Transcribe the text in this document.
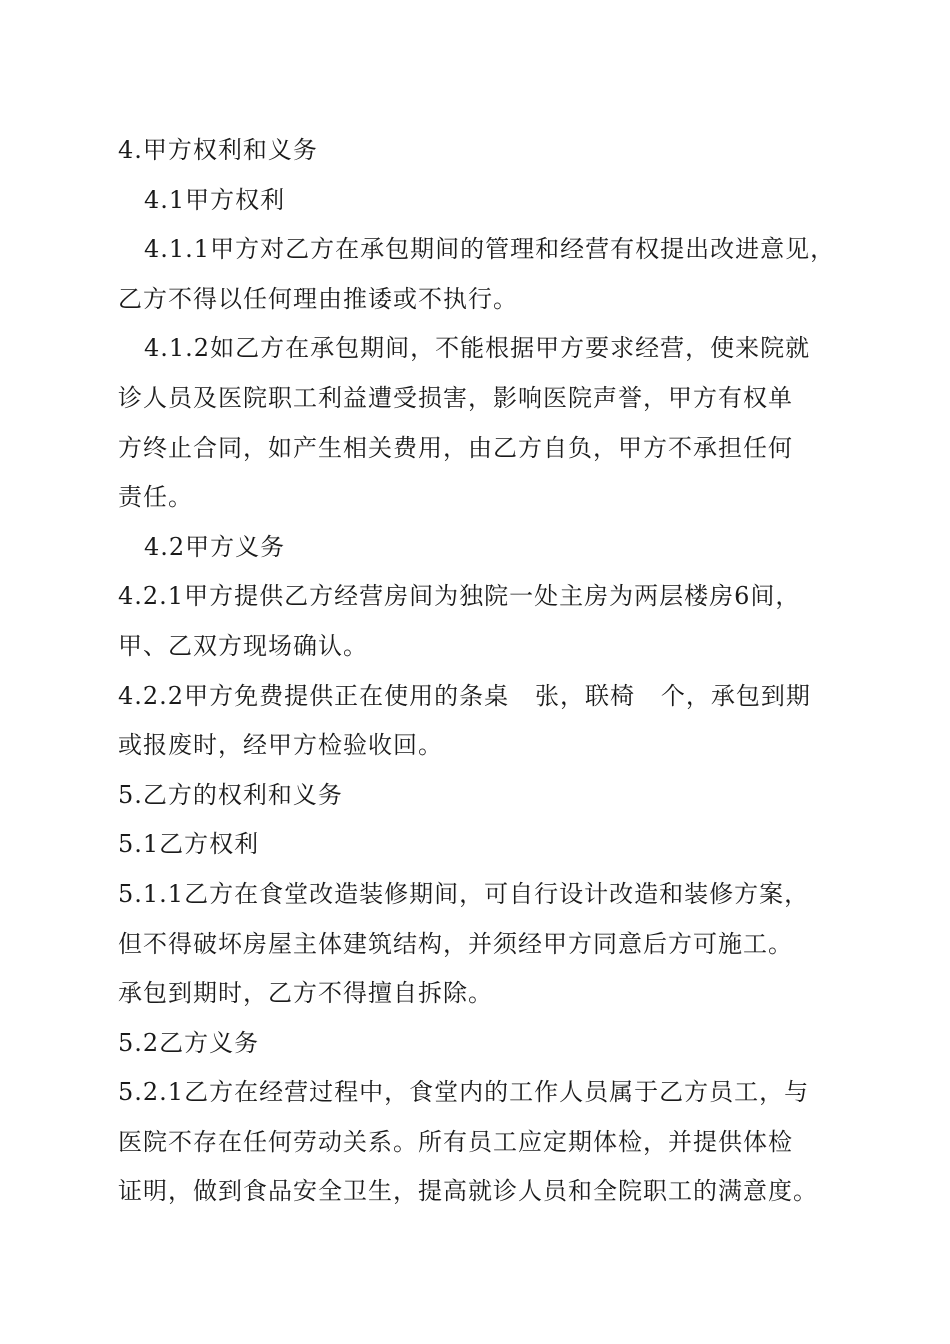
4.甲方权利和义务
4.1甲方权利
4.1.1甲方对乙方在承包期间的管理和经营有权提出改进意见，
乙方不得以任何理由推诿或不执行。
4.1.2如乙方在承包期间，不能根据甲方要求经营，使来院就
诊人员及医院职工利益遭受损害，影响医院声誉，甲方有权单
方终止合同，如产生相关费用，由乙方自负，甲方不承担任何
责任。
4.2甲方义务
4.2.1甲方提供乙方经营房间为独院一处主房为两层楼房6间，
甲、乙双方现场确认。
4.2.2甲方免费提供正在使用的条桌   张，联椅   个，承包到期
或报废时，经甲方检验收回。
5.乙方的权利和义务
5.1乙方权利
5.1.1乙方在食堂改造装修期间，可自行设计改造和装修方案，
但不得破坏房屋主体建筑结构，并须经甲方同意后方可施工。
承包到期时，乙方不得擅自拆除。
5.2乙方义务
5.2.1乙方在经营过程中，食堂内的工作人员属于乙方员工，与
医院不存在任何劳动关系。所有员工应定期体检，并提供体检
证明，做到食品安全卫生，提高就诊人员和全院职工的满意度。
